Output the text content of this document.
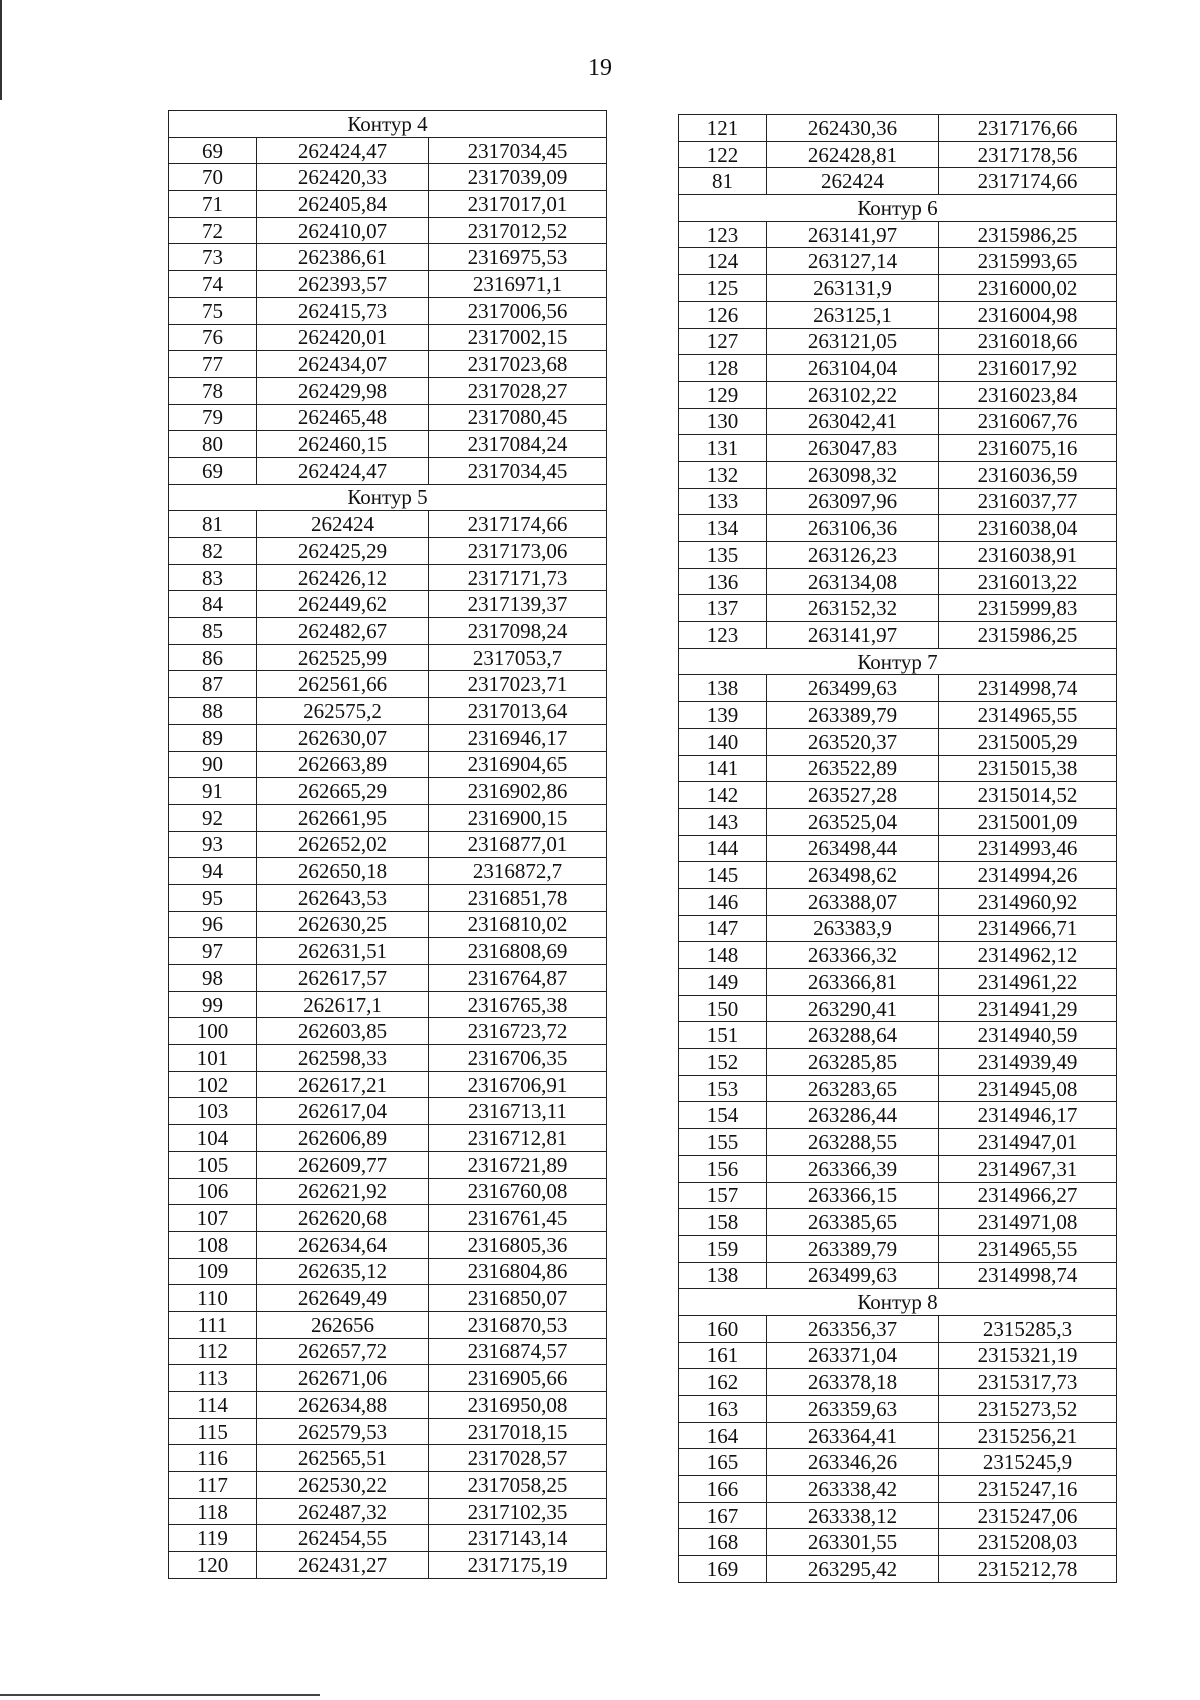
19
Контур 4		
69	262424,47	2317034,45
70	262420,33	2317039,09
71	262405,84	2317017,01
72	262410,07	2317012,52
73	262386,61	2316975,53
74	262393,57	2316971,1
75	262415,73	2317006,56
76	262420,01	2317002,15
77	262434,07	2317023,68
78	262429,98	2317028,27
79	262465,48	2317080,45
80	262460,15	2317084,24
69	262424,47	2317034,45
Контур 5		
81	262424	2317174,66
82	262425,29	2317173,06
83	262426,12	2317171,73
84	262449,62	2317139,37
85	262482,67	2317098,24
86	262525,99	2317053,7
87	262561,66	2317023,71
88	262575,2	2317013,64
89	262630,07	2316946,17
90	262663,89	2316904,65
91	262665,29	2316902,86
92	262661,95	2316900,15
93	262652,02	2316877,01
94	262650,18	2316872,7
95	262643,53	2316851,78
96	262630,25	2316810,02
97	262631,51	2316808,69
98	262617,57	2316764,87
99	262617,1	2316765,38
100	262603,85	2316723,72
101	262598,33	2316706,35
102	262617,21	2316706,91
103	262617,04	2316713,11
104	262606,89	2316712,81
105	262609,77	2316721,89
106	262621,92	2316760,08
107	262620,68	2316761,45
108	262634,64	2316805,36
109	262635,12	2316804,86
110	262649,49	2316850,07
111	262656	2316870,53
112	262657,72	2316874,57
113	262671,06	2316905,66
114	262634,88	2316950,08
115	262579,53	2317018,15
116	262565,51	2317028,57
117	262530,22	2317058,25
118	262487,32	2317102,35
119	262454,55	2317143,14
120	262431,27	2317175,19
121	262430,36	2317176,66
122	262428,81	2317178,56
81	262424	2317174,66
Контур 6		
123	263141,97	2315986,25
124	263127,14	2315993,65
125	263131,9	2316000,02
126	263125,1	2316004,98
127	263121,05	2316018,66
128	263104,04	2316017,92
129	263102,22	2316023,84
130	263042,41	2316067,76
131	263047,83	2316075,16
132	263098,32	2316036,59
133	263097,96	2316037,77
134	263106,36	2316038,04
135	263126,23	2316038,91
136	263134,08	2316013,22
137	263152,32	2315999,83
123	263141,97	2315986,25
Контур 7		
138	263499,63	2314998,74
139	263389,79	2314965,55
140	263520,37	2315005,29
141	263522,89	2315015,38
142	263527,28	2315014,52
143	263525,04	2315001,09
144	263498,44	2314993,46
145	263498,62	2314994,26
146	263388,07	2314960,92
147	263383,9	2314966,71
148	263366,32	2314962,12
149	263366,81	2314961,22
150	263290,41	2314941,29
151	263288,64	2314940,59
152	263285,85	2314939,49
153	263283,65	2314945,08
154	263286,44	2314946,17
155	263288,55	2314947,01
156	263366,39	2314967,31
157	263366,15	2314966,27
158	263385,65	2314971,08
159	263389,79	2314965,55
138	263499,63	2314998,74
Контур 8		
160	263356,37	2315285,3
161	263371,04	2315321,19
162	263378,18	2315317,73
163	263359,63	2315273,52
164	263364,41	2315256,21
165	263346,26	2315245,9
166	263338,42	2315247,16
167	263338,12	2315247,06
168	263301,55	2315208,03
169	263295,42	2315212,78
